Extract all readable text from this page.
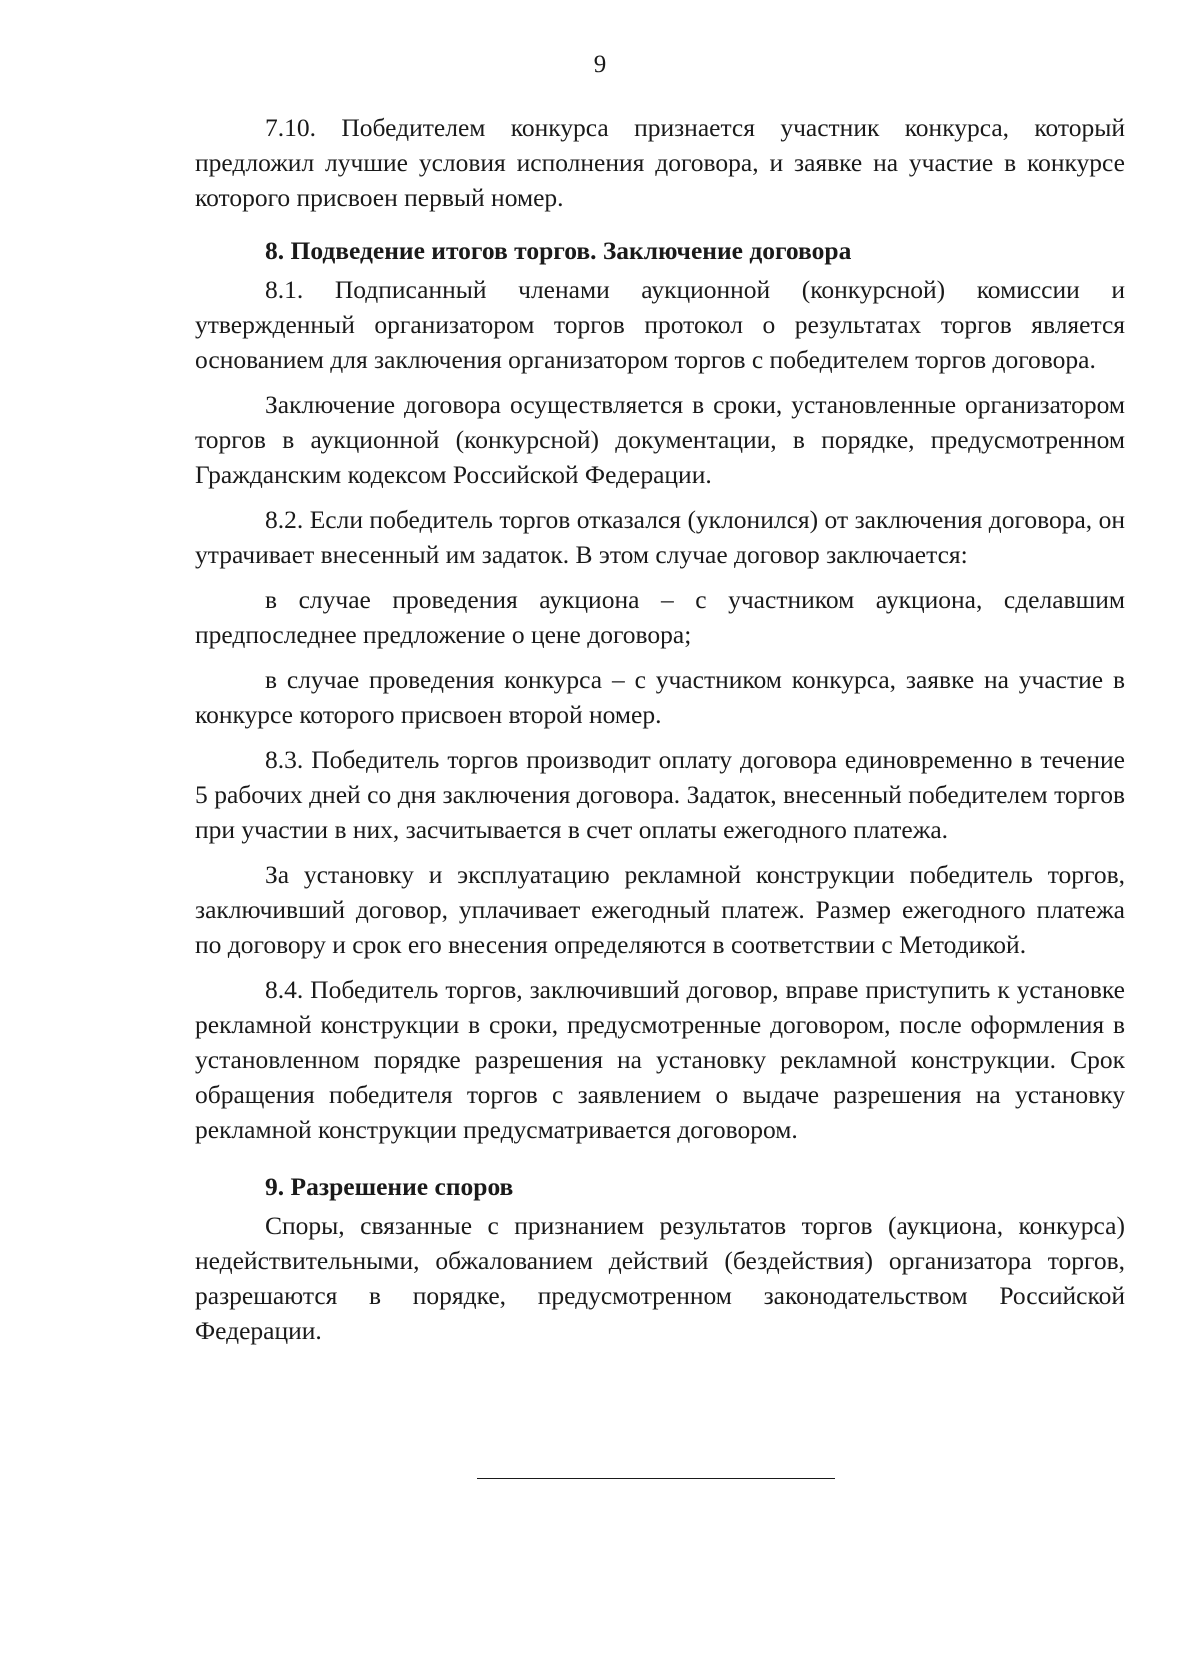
9

7.10. Победителем конкурса признается участник конкурса, который предложил лучшие условия исполнения договора, и заявке на участие в конкурсе которого присвоен первый номер.

8. Подведение итогов торгов. Заключение договора

8.1. Подписанный членами аукционной (конкурсной) комиссии и утвержденный организатором торгов протокол о результатах торгов является основанием для заключения организатором торгов с победителем торгов договора.

Заключение договора осуществляется в сроки, установленные организатором торгов в аукционной (конкурсной) документации, в порядке, предусмотренном Гражданским кодексом Российской Федерации.

8.2. Если победитель торгов отказался (уклонился) от заключения договора, он утрачивает внесенный им задаток. В этом случае договор заключается:

в случае проведения аукциона – с участником аукциона, сделавшим предпоследнее предложение о цене договора;

в случае проведения конкурса – с участником конкурса, заявке на участие в конкурсе которого присвоен второй номер.

8.3. Победитель торгов производит оплату договора единовременно в течение 5 рабочих дней со дня заключения договора. Задаток, внесенный победителем торгов при участии в них, засчитывается в счет оплаты ежегодного платежа.

За установку и эксплуатацию рекламной конструкции победитель торгов, заключивший договор, уплачивает ежегодный платеж. Размер ежегодного платежа по договору и срок его внесения определяются в соответствии с Методикой.

8.4. Победитель торгов, заключивший договор, вправе приступить к установке рекламной конструкции в сроки, предусмотренные договором, после оформления в установленном порядке разрешения на установку рекламной конструкции. Срок обращения победителя торгов с заявлением о выдаче разрешения на установку рекламной конструкции предусматривается договором.

9. Разрешение споров

Споры, связанные с признанием результатов торгов (аукциона, конкурса) недействительными, обжалованием действий (бездействия) организатора торгов, разрешаются в порядке, предусмотренном законодательством Российской Федерации.
